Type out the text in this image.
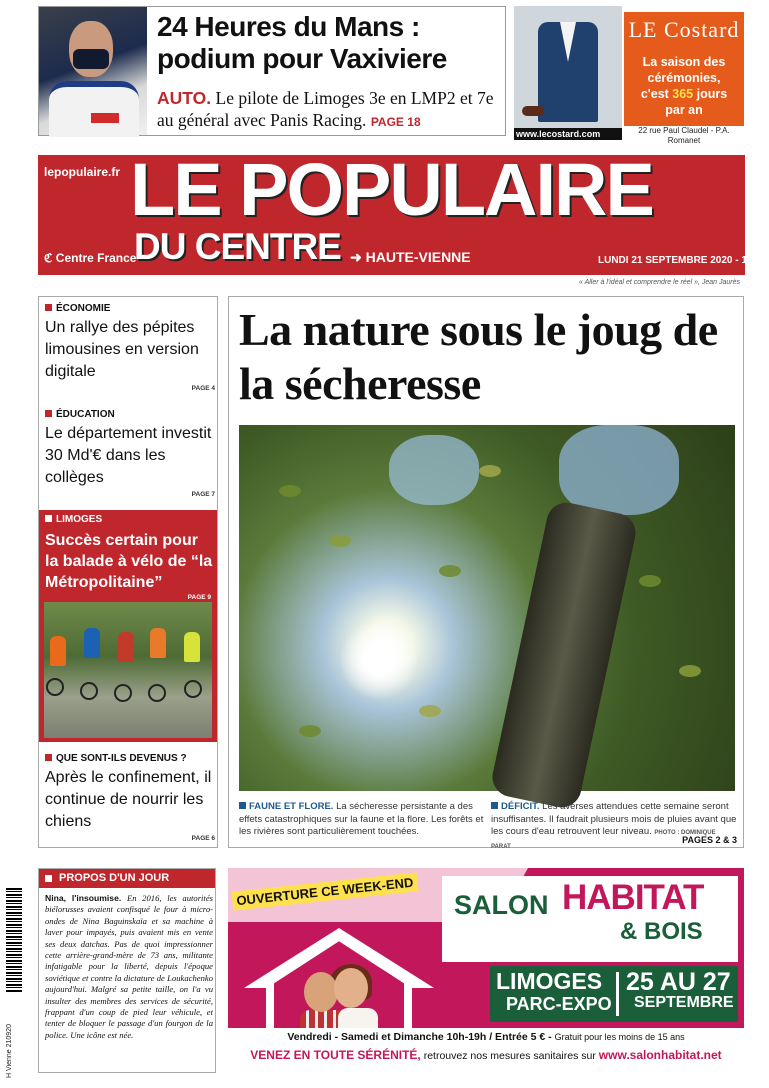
24 Heures du Mans : podium pour Vaxiviere
AUTO. Le pilote de Limoges 3e en LMP2 et 7e au général avec Panis Racing. PAGE 18
www.lecostard.com
LE Costard
La saison des
cérémonies,
c'est 365 jours
par an
22 rue Paul Claudel - P.A. Romanet
lepopulaire.fr LE POPULAIRE
DU CENTRE ➜ HAUTE-VIENNE
ℭ Centre France	LUNDI 21 SEPTEMBRE 2020 - 1,10 €
« Aller à l'idéal et comprendre le réel », Jean Jaurès
ÉCONOMIE
Un rallye des pépites limousines en version digitale
PAGE 4
ÉDUCATION
Le département investit 30 Md'€ dans les collèges
PAGE 7
LIMOGES
Succès certain pour la balade à vélo de “la Métropolitaine”
PAGE 9
QUE SONT-ILS DEVENUS ?
Après le confinement, il continue de nourrir les chiens
PAGE 6
La nature sous le joug de la sécheresse
FAUNE ET FLORE. La sécheresse persistante a des effets catastrophiques sur la faune et la flore. Les forêts et les rivières sont particulièrement touchées.
DÉFICIT. Les averses attendues cette semaine seront insuffisantes. Il faudrait plusieurs mois de pluies avant que les cours d'eau retrouvent leur niveau. PHOTO : DOMINIQUE PARAT
PAGES 2 & 3
H Vienne 210920
PROPOS D'UN JOUR
Nina, l'insoumise. En 2016, les autorités biélorusses avaient confisqué le four à micro-ondes de Nina Baguinskaïa et sa machine à laver pour impayés, puis avaient mis en vente ses deux datchas. Pas de quoi impressionner cette arrière-grand-mère de 73 ans, militante infatigable pour la liberté, depuis l'époque soviétique et contre la dictature de Loukachenko aujourd'hui. Malgré sa petite taille, on l'a vu insulter des membres des services de sécurité, frappant d'un coup de pied leur véhicule, et tenter de bloquer le passage d'un fourgon de la police. Une icône est née.
OUVERTURE CE WEEK-END SALON HABITAT
& BOIS
LIMOGES
PARC-EXPO
25 AU 27
SEPTEMBRE
Vendredi - Samedi et Dimanche 10h-19h / Entrée 5 € - Gratuit pour les moins de 15 ans
VENEZ EN TOUTE SÉRÉNITÉ, retrouvez nos mesures sanitaires sur www.salonhabitat.net
